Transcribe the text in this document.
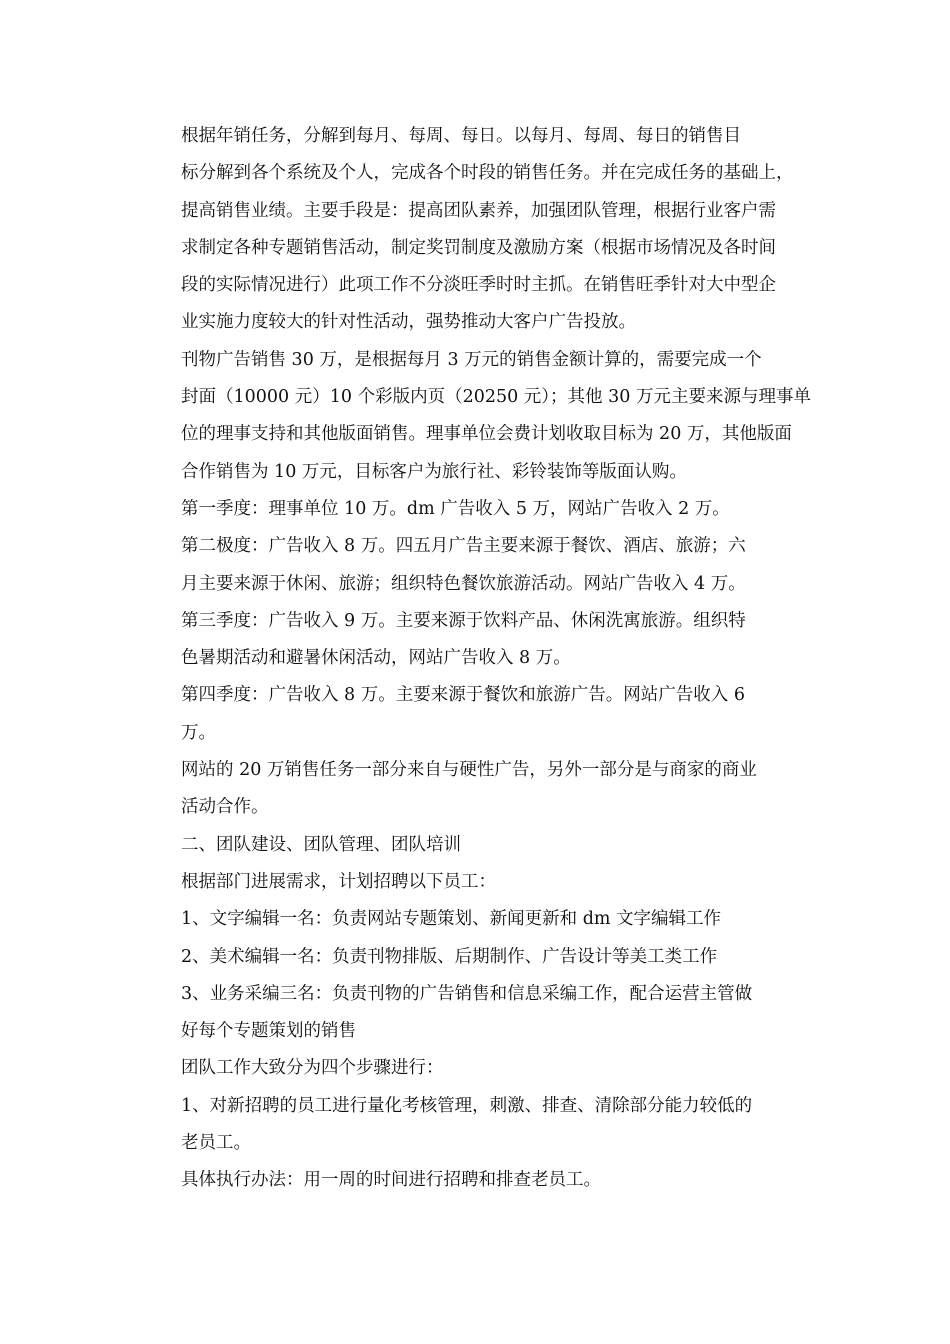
根据年销任务，分解到每月、每周、每日。以每月、每周、每日的销售目
标分解到各个系统及个人，完成各个时段的销售任务。并在完成任务的基础上，
提高销售业绩。主要手段是：提高团队素养，加强团队管理，根据行业客户需
求制定各种专题销售活动，制定奖罚制度及激励方案（根据市场情况及各时间
段的实际情况进行）此项工作不分淡旺季时时主抓。在销售旺季针对大中型企
业实施力度较大的针对性活动，强势推动大客户广告投放。
刊物广告销售 30 万，是根据每月 3 万元的销售金额计算的，需要完成一个
封面（10000 元）10 个彩版内页（20250 元）；其他 30 万元主要来源与理事单
位的理事支持和其他版面销售。理事单位会费计划收取目标为 20 万，其他版面
合作销售为 10 万元，目标客户为旅行社、彩铃装饰等版面认购。
第一季度：理事单位 10 万。dm 广告收入 5 万，网站广告收入 2 万。
第二极度：广告收入 8 万。四五月广告主要来源于餐饮、酒店、旅游；六
月主要来源于休闲、旅游；组织特色餐饮旅游活动。网站广告收入 4 万。
第三季度：广告收入 9 万。主要来源于饮料产品、休闲洗寓旅游。组织特
色暑期活动和避暑休闲活动，网站广告收入 8 万。
第四季度：广告收入 8 万。主要来源于餐饮和旅游广告。网站广告收入 6
万。
网站的 20 万销售任务一部分来自与硬性广告，另外一部分是与商家的商业
活动合作。
二、团队建设、团队管理、团队培训
根据部门进展需求，计划招聘以下员工：
1、文字编辑一名：负责网站专题策划、新闻更新和 dm 文字编辑工作
2、美术编辑一名：负责刊物排版、后期制作、广告设计等美工类工作
3、业务采编三名：负责刊物的广告销售和信息采编工作，配合运营主管做
好每个专题策划的销售
团队工作大致分为四个步骤进行：
1、对新招聘的员工进行量化考核管理，刺激、排查、清除部分能力较低的
老员工。
具体执行办法：用一周的时间进行招聘和排查老员工。
